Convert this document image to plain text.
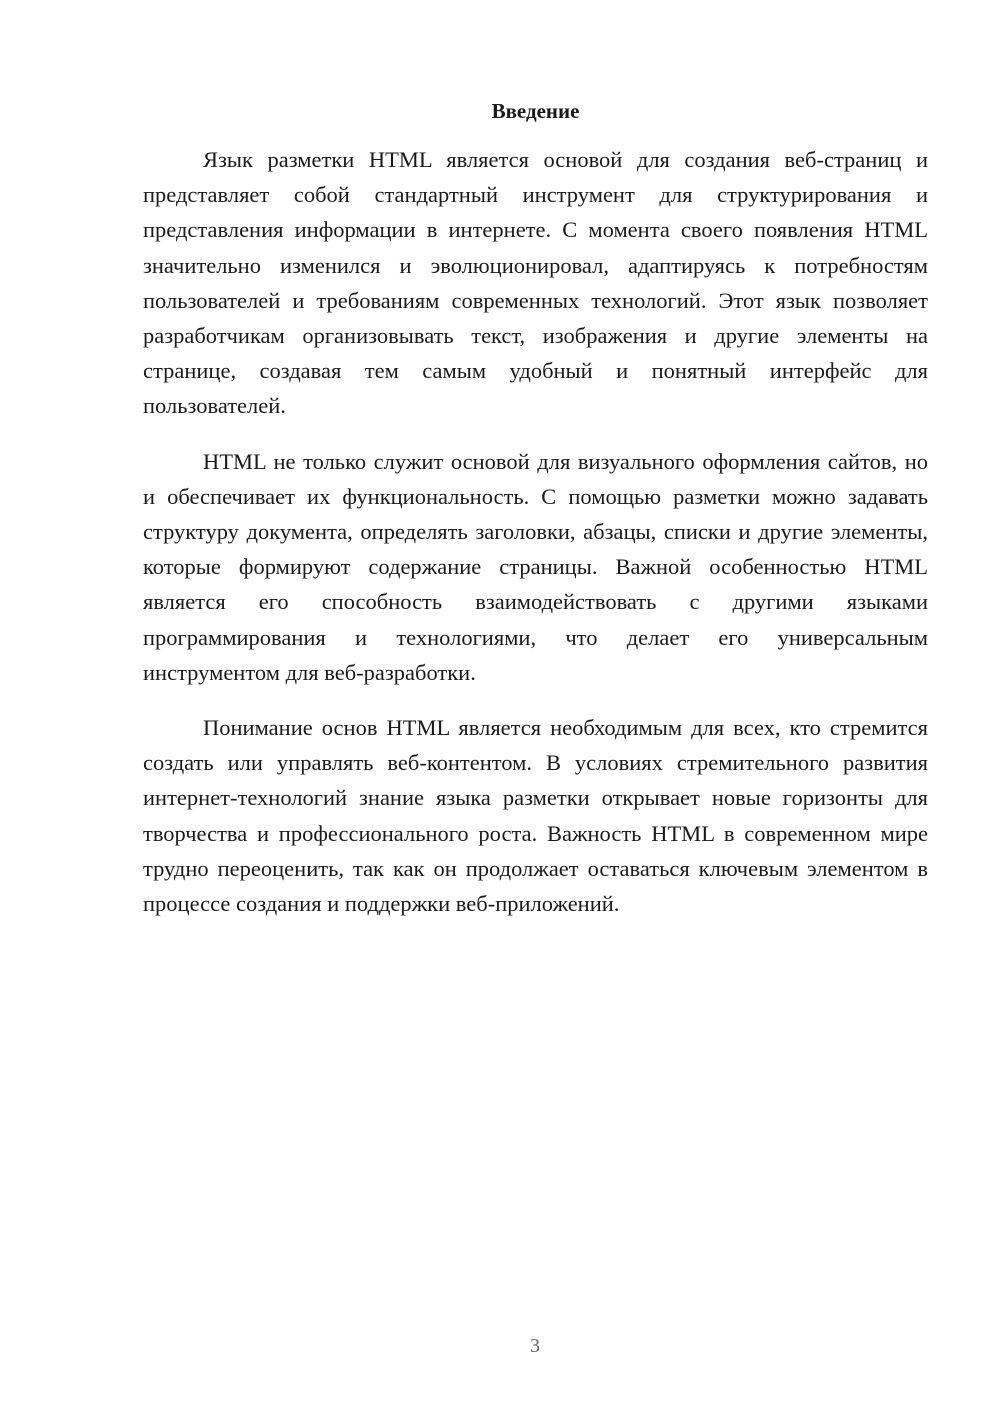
Введение

Язык разметки HTML является основой для создания веб-страниц и представляет собой стандартный инструмент для структурирования и представления информации в интернете. С момента своего появления HTML значительно изменился и эволюционировал, адаптируясь к потребностям пользователей и требованиям современных технологий. Этот язык позволяет разработчикам организовывать текст, изображения и другие элементы на странице, создавая тем самым удобный и понятный интерфейс для пользователей.

HTML не только служит основой для визуального оформления сайтов, но и обеспечивает их функциональность. С помощью разметки можно задавать структуру документа, определять заголовки, абзацы, списки и другие элементы, которые формируют содержание страницы. Важной особенностью HTML является его способность взаимодействовать с другими языками программирования и технологиями, что делает его универсальным инструментом для веб-разработки.

Понимание основ HTML является необходимым для всех, кто стремится создать или управлять веб-контентом. В условиях стремительного развития интернет-технологий знание языка разметки открывает новые горизонты для творчества и профессионального роста. Важность HTML в современном мире трудно переоценить, так как он продолжает оставаться ключевым элементом в процессе создания и поддержки веб-приложений.

3
